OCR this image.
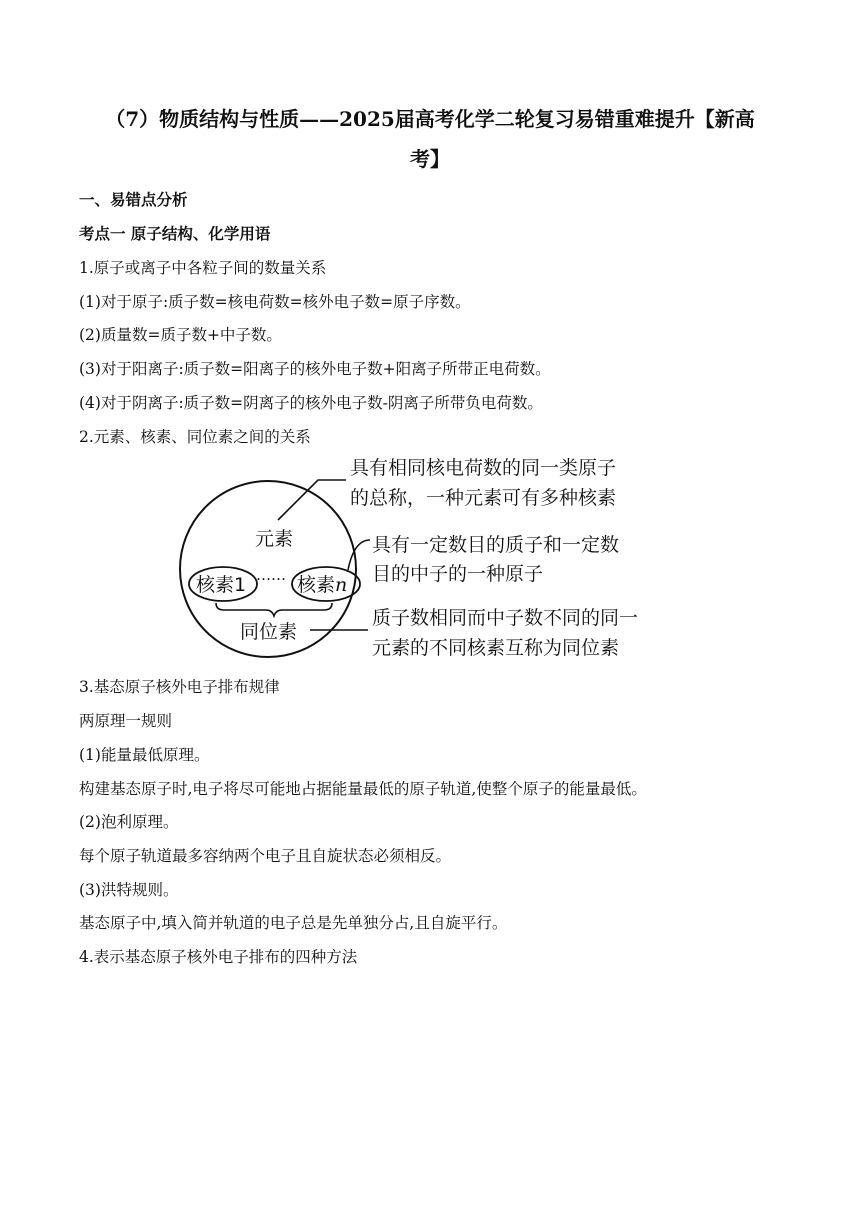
（7）物质结构与性质——2025届高考化学二轮复习易错重难提升【新高
考】
一、易错点分析
考点一 原子结构、化学用语
1.原子或离子中各粒子间的数量关系
(1)对于原子:质子数=核电荷数=核外电子数=原子序数。
(2)质量数=质子数+中子数。
(3)对于阳离子:质子数=阳离子的核外电子数+阳离子所带正电荷数。
(4)对于阴离子:质子数=阴离子的核外电子数-阴离子所带负电荷数。
2.元素、核素、同位素之间的关系
元素
核素1 …… 核素n
同位素
具有相同核电荷数的同一类原子
的总称，一种元素可有多种核素
具有一定数目的质子和一定数
目的中子的一种原子
质子数相同而中子数不同的同一
元素的不同核素互称为同位素
3.基态原子核外电子排布规律
两原理一规则
(1)能量最低原理。
构建基态原子时,电子将尽可能地占据能量最低的原子轨道,使整个原子的能量最低。
(2)泡利原理。
每个原子轨道最多容纳两个电子且自旋状态必须相反。
(3)洪特规则。
基态原子中,填入简并轨道的电子总是先单独分占,且自旋平行。
4.表示基态原子核外电子排布的四种方法
